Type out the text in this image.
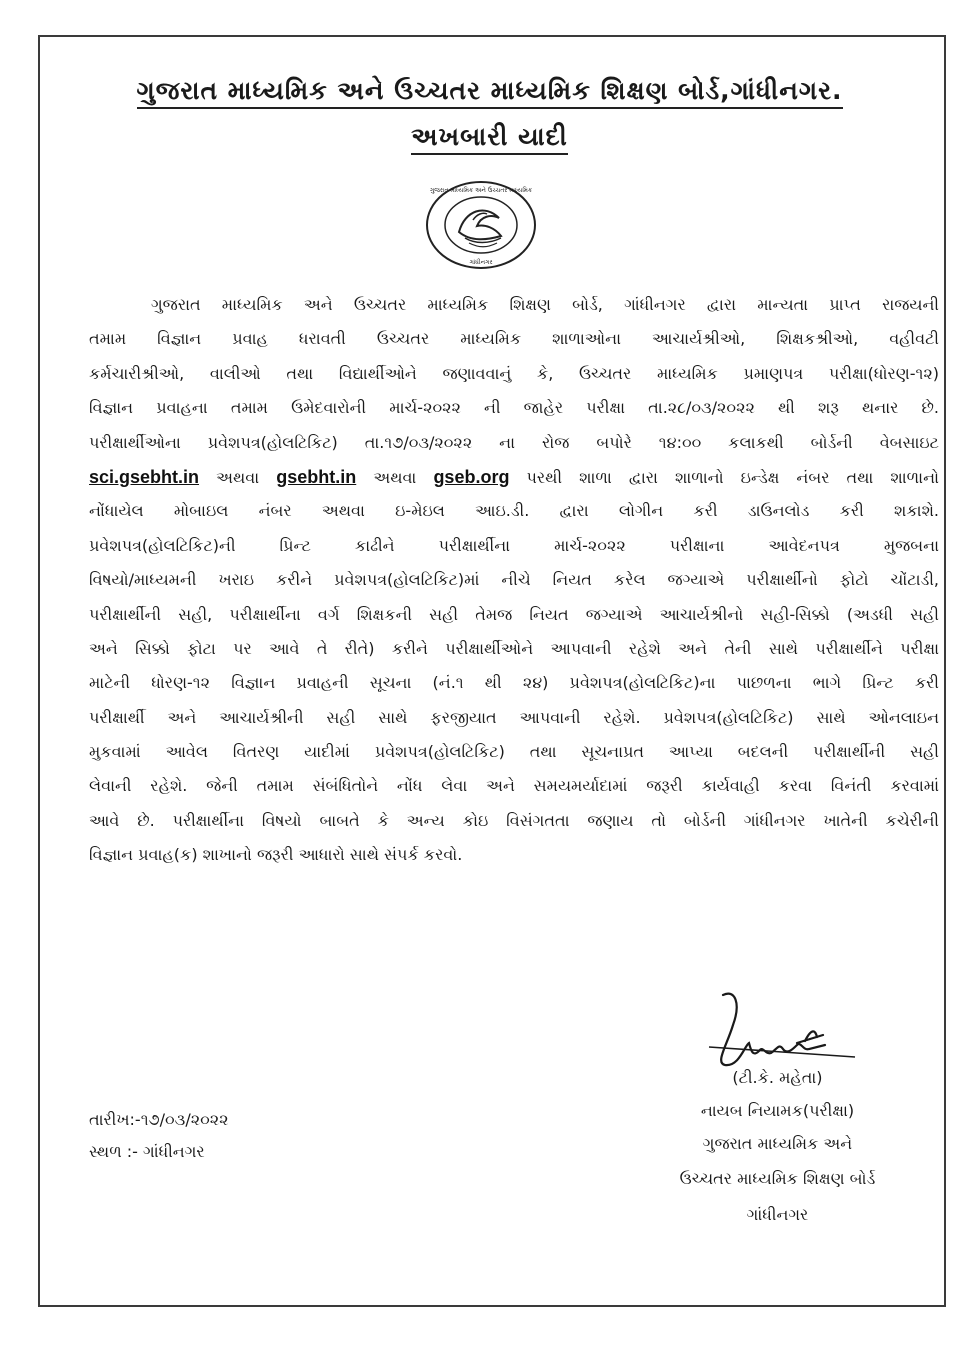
ગુજરાત માધ્યમિક અને ઉચ્ચતર માધ્યમિક શિક્ષણ બોર્ડ,ગાંધીનગર.
અખબારી યાદી
ગુજરાત માધ્યમિક અને ઉચ્ચતર માધ્યમિક
ગાંધીનગર
ગુજરાત માધ્યમિક અને ઉચ્ચતર માધ્યમિક શિક્ષણ બોર્ડ, ગાંધીનગર દ્વારા માન્યતા પ્રાપ્ત રાજયની
તમામ વિજ્ઞાન પ્રવાહ ધરાવતી ઉચ્ચતર માધ્યમિક શાળાઓના આચાર્યશ્રીઓ, શિક્ષકશ્રીઓ, વહીવટી
કર્મચારીશ્રીઓ, વાલીઓ તથા વિદ્યાર્થીઓને જણાવવાનું કે, ઉચ્ચતર માધ્યમિક પ્રમાણપત્ર પરીક્ષા(ધોરણ-૧૨)
વિજ્ઞાન પ્રવાહના તમામ ઉમેદવારોની માર્ચ-૨૦૨૨ ની જાહેર પરીક્ષા તા.૨૮/૦૩/૨૦૨૨ થી શરૂ થનાર છે.
પરીક્ષાર્થીઓના પ્રવેશપત્ર(હોલટિકિટ) તા.૧૭/૦૩/૨૦૨૨ ના રોજ બપોરે ૧૪:૦૦ કલાકથી બોર્ડની વેબસાઇટ
sci.gsebht.in અથવા gsebht.in અથવા gseb.org પરથી શાળા દ્વારા શાળાનો ઇન્ડેક્ષ નંબર તથા શાળાનો
નોંધાયેલ મોબાઇલ નંબર અથવા ઇ-મેઇલ આઇ.ડી. દ્વારા લોગીન કરી ડાઉનલોડ કરી શકાશે.
પ્રવેશપત્ર(હોલટિકિટ)ની પ્રિન્ટ કાઢીને પરીક્ષાર્થીના માર્ચ-૨૦૨૨ પરીક્ષાના આવેદનપત્ર મુજબના
વિષયો/માધ્યમની ખરાઇ કરીને પ્રવેશપત્ર(હોલટિકિટ)માં નીચે નિયત કરેલ જગ્યાએ પરીક્ષાર્થીનો ફોટો ચોંટાડી,
પરીક્ષાર્થીની સહી, પરીક્ષાર્થીના વર્ગ શિક્ષકની સહી તેમજ નિયત જગ્યાએ આચાર્યશ્રીનો સહી-સિક્કો (અડધી સહી
અને સિક્કો ફોટા પર આવે તે રીતે) કરીને પરીક્ષાર્થીઓને આપવાની રહેશે અને તેની સાથે પરીક્ષાર્થીને પરીક્ષા
માટેની ધોરણ-૧૨ વિજ્ઞાન પ્રવાહની સૂચના (નં.૧ થી ૨૪) પ્રવેશપત્ર(હોલટિકિટ)ના પાછળના ભાગે પ્રિન્ટ કરી
પરીક્ષાર્થી અને આચાર્યશ્રીની સહી સાથે ફરજીયાત આપવાની રહેશે. પ્રવેશપત્ર(હોલટિકિટ) સાથે ઓનલાઇન
મુકવામાં આવેલ વિતરણ યાદીમાં પ્રવેશપત્ર(હોલટિકિટ) તથા સૂચનાપ્રત આપ્યા બદલની પરીક્ષાર્થીની સહી
લેવાની રહેશે. જેની તમામ સંબંધિતોને નોંધ લેવા અને સમયમર્યાદામાં જરૂરી કાર્યવાહી કરવા વિનંતી કરવામાં
આવે છે. પરીક્ષાર્થીના વિષયો બાબતે કે અન્ય કોઇ વિસંગતતા જણાય તો બોર્ડની ગાંધીનગર ખાતેની કચેરીની
વિજ્ઞાન પ્રવાહ(ક) શાખાનો જરૂરી આધારો સાથે સંપર્ક કરવો.
(ટી.કે. મહેતા)
નાયબ નિયામક(પરીક્ષા)
ગુજરાત માધ્યમિક અને
ઉચ્ચતર માધ્યમિક શિક્ષણ બોર્ડ
ગાંધીનગર
તારીખ:-૧૭/૦૩/૨૦૨૨
સ્થળ :- ગાંધીનગર
